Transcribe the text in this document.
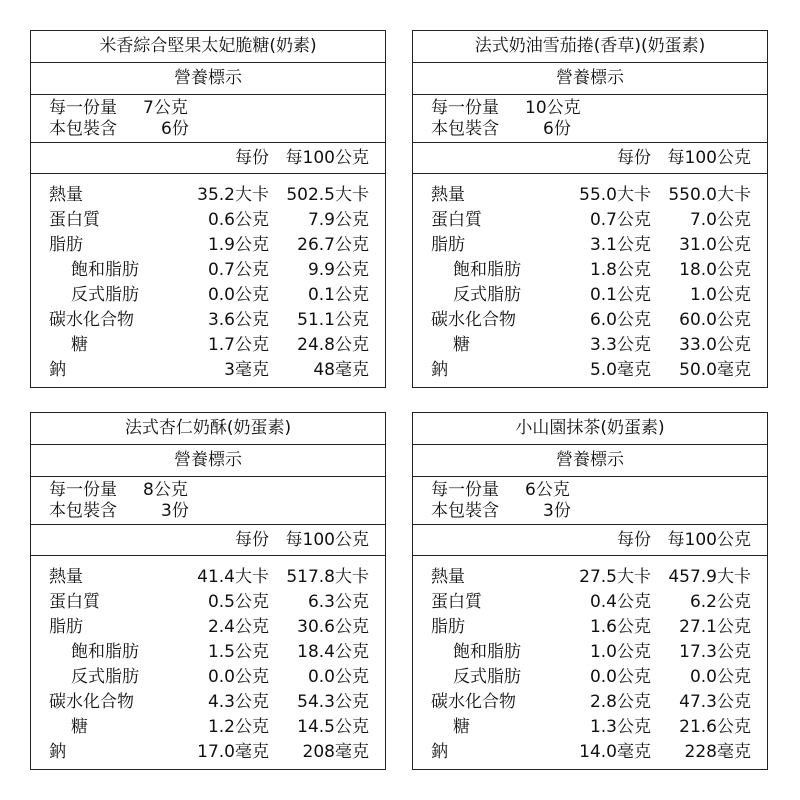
米香綜合堅果太妃脆糖(奶素)
營養標示
每一份量	7公克
本包裝含	6份
每份 每100公克
熱量	35.2大卡 502.5大卡
蛋白質	0.6公克 7.9公克
脂肪	1.9公克 26.7公克
飽和脂肪	0.7公克 9.9公克
反式脂肪	0.0公克 0.1公克
碳水化合物	3.6公克 51.1公克
糖	1.7公克 24.8公克
鈉	3毫克	48毫克
法式奶油雪茄捲(香草)(奶蛋素)
營養標示
每一份量	10公克
本包裝含	6份
每份 每100公克
熱量	55.0大卡 550.0大卡
蛋白質	0.7公克 7.0公克
脂肪	3.1公克 31.0公克
飽和脂肪	1.8公克 18.0公克
反式脂肪	0.1公克 1.0公克
碳水化合物	6.0公克 60.0公克
糖	3.3公克 33.0公克
鈉	5.0毫克 50.0毫克
法式杏仁奶酥(奶蛋素)
營養標示
每一份量	8公克
本包裝含	3份
每份 每100公克
熱量	41.4大卡 517.8大卡
蛋白質	0.5公克 6.3公克
脂肪	2.4公克 30.6公克
飽和脂肪	1.5公克 18.4公克
反式脂肪	0.0公克 0.0公克
碳水化合物	4.3公克 54.3公克
糖	1.2公克 14.5公克
鈉	17.0毫克 208毫克
小山園抹茶(奶蛋素)
營養標示
每一份量	6公克
本包裝含	3份
每份 每100公克
熱量	27.5大卡 457.9大卡
蛋白質	0.4公克 6.2公克
脂肪	1.6公克 27.1公克
飽和脂肪	1.0公克 17.3公克
反式脂肪	0.0公克 0.0公克
碳水化合物	2.8公克 47.3公克
糖	1.3公克 21.6公克
鈉	14.0毫克 228毫克
